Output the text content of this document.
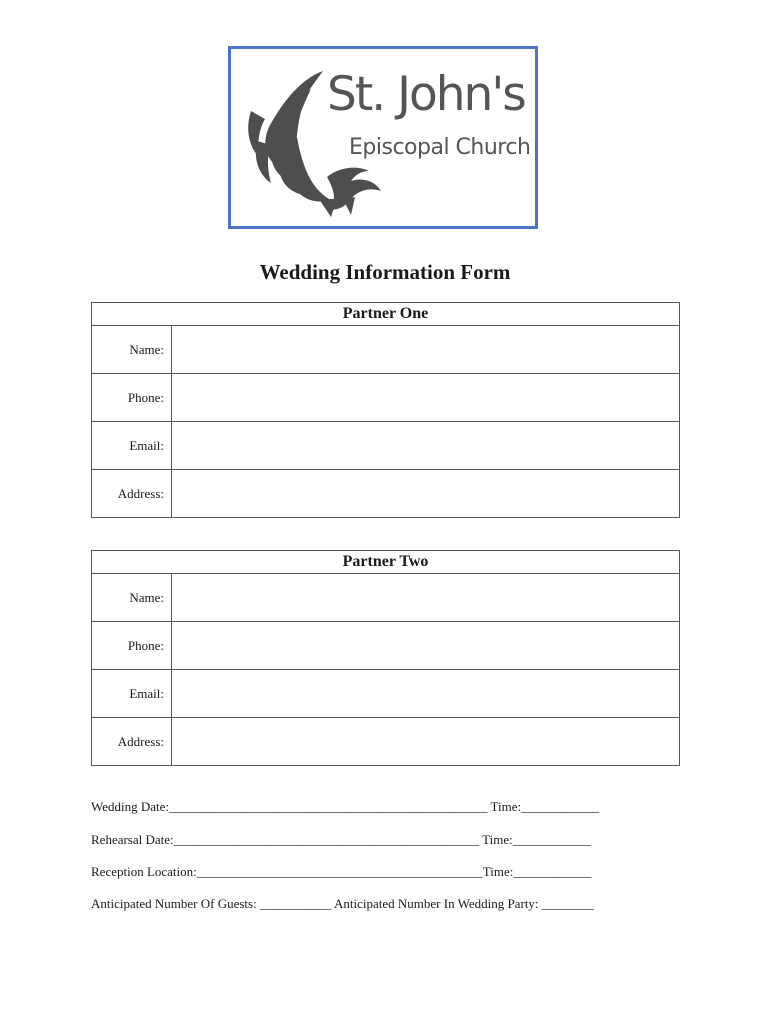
St. John's
Episcopal Church
Wedding Information Form
Partner One	
Name:	
Phone:	
Email:	
Address:	
Partner Two	
Name:	
Phone:	
Email:	
Address:	
Wedding Date:_________________________________________________ Time:____________
Rehearsal Date:_______________________________________________ Time:____________
Reception Location:____________________________________________Time:____________
Anticipated Number Of Guests: ___________ Anticipated Number In Wedding Party: ________
